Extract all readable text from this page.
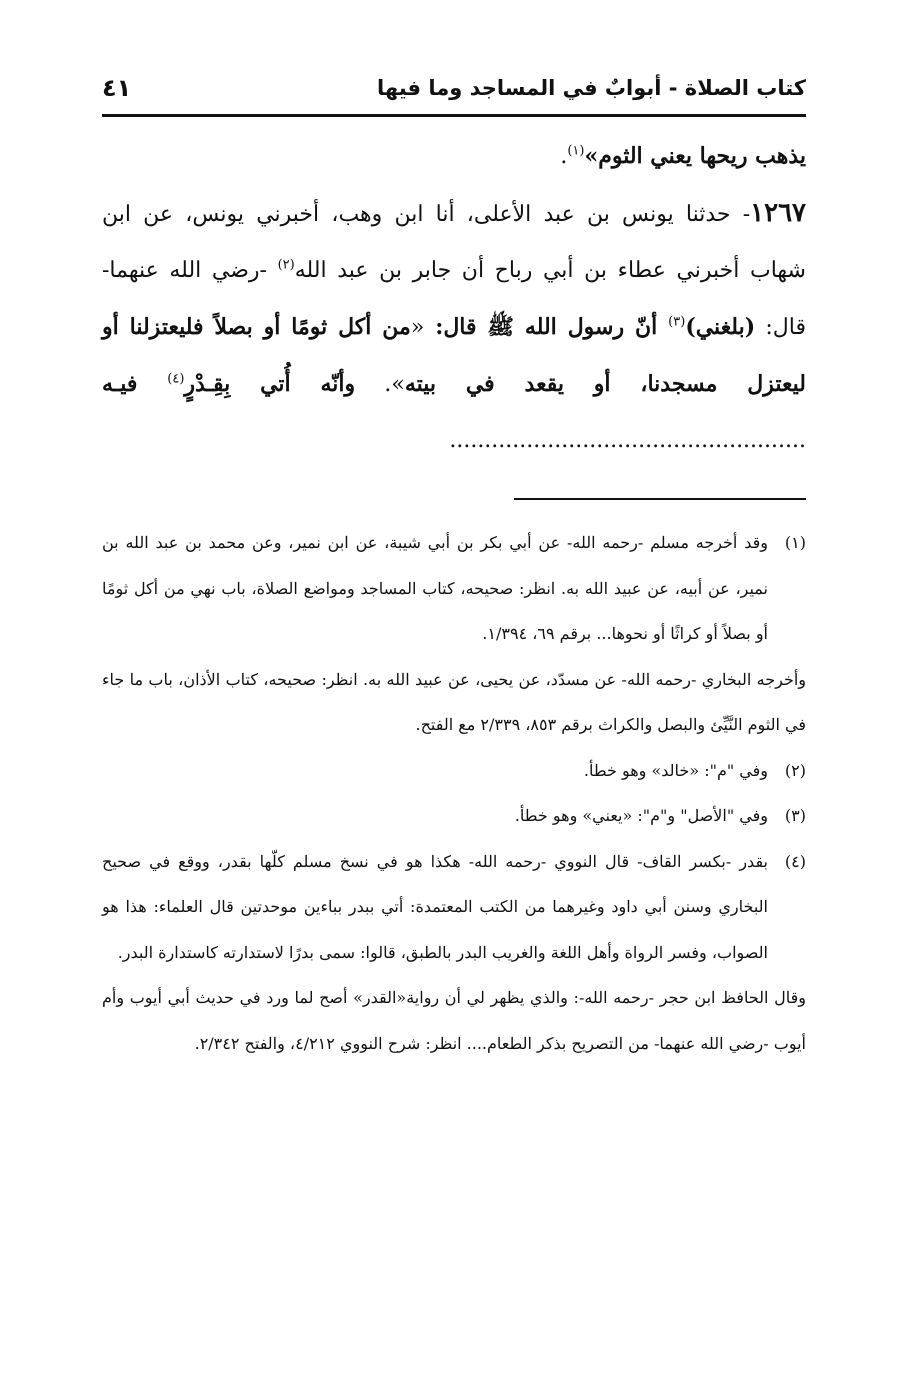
كتاب الصلاة - أبوابٌ في المساجد وما فيها
٤١

يذهب ريحها يعني الثوم»$^{(١)}$.

١٢٦٧- حدثنا يونس بن عبد الأعلى، أنا ابن وهب، أخبرني يونس، عن ابن شهاب أخبرني عطاء بن أبي رباح أن جابر بن عبد الله$^{(٢)}$ -رضي الله عنهما- قال: (بلغني)$^{(٣)}$ أنّ رسول الله ﷺ قال: «من أكل ثومًا أو بصلاً فليعتزلنا أو ليعتزل مسجدنا، أو يقعد في بيته». وأنّه أُتي بِقِـدْرٍ$^{(٤)}$ فيـه ...................................................

(١)
وقد أخرجه مسلم -رحمه الله- عن أبي بكر بن أبي شيبة، عن ابن نمير، وعن محمد بن عبد الله بن نمير، عن أبيه، عن عبيد الله به. انظر: صحيحه، كتاب المساجد ومواضع الصلاة، باب نهي من أكل ثومًا أو بصلاً أو كراثًا أو نحوها... برقم ٦٩، ١/٣٩٤.

وأخرجه البخاري -رحمه الله- عن مسدّد، عن يحيى، عن عبيد الله به. انظر: صحيحه، كتاب الأذان، باب ما جاء في الثوم النَّيِّئ والبصل والكراث برقم ٨٥٣، ٢/٣٣٩ مع الفتح.

(٢)
وفي "م": «خالد» وهو خطأ.

(٣)
وفي "الأصل" و"م": «يعني» وهو خطأ.

(٤)
بقدر -بكسر القاف- قال النووي -رحمه الله- هكذا هو في نسخ مسلم كلّها بقدر، ووقع في صحيح البخاري وسنن أبي داود وغيرهما من الكتب المعتمدة: أتي ببدر بباءين موحدتين قال العلماء: هذا هو الصواب، وفسر الرواة وأهل اللغة والغريب البدر بالطبق، قالوا: سمى بدرًا لاستدارته كاستدارة البدر.

وقال الحافظ ابن حجر -رحمه الله-: والذي يظهر لي أن رواية«القدر» أصح لما ورد في حديث أبي أيوب وأم أيوب -رضي الله عنهما- من التصريح بذكر الطعام.... انظر: شرح النووي ٤/٢١٢، والفتح ٢/٣٤٢.
